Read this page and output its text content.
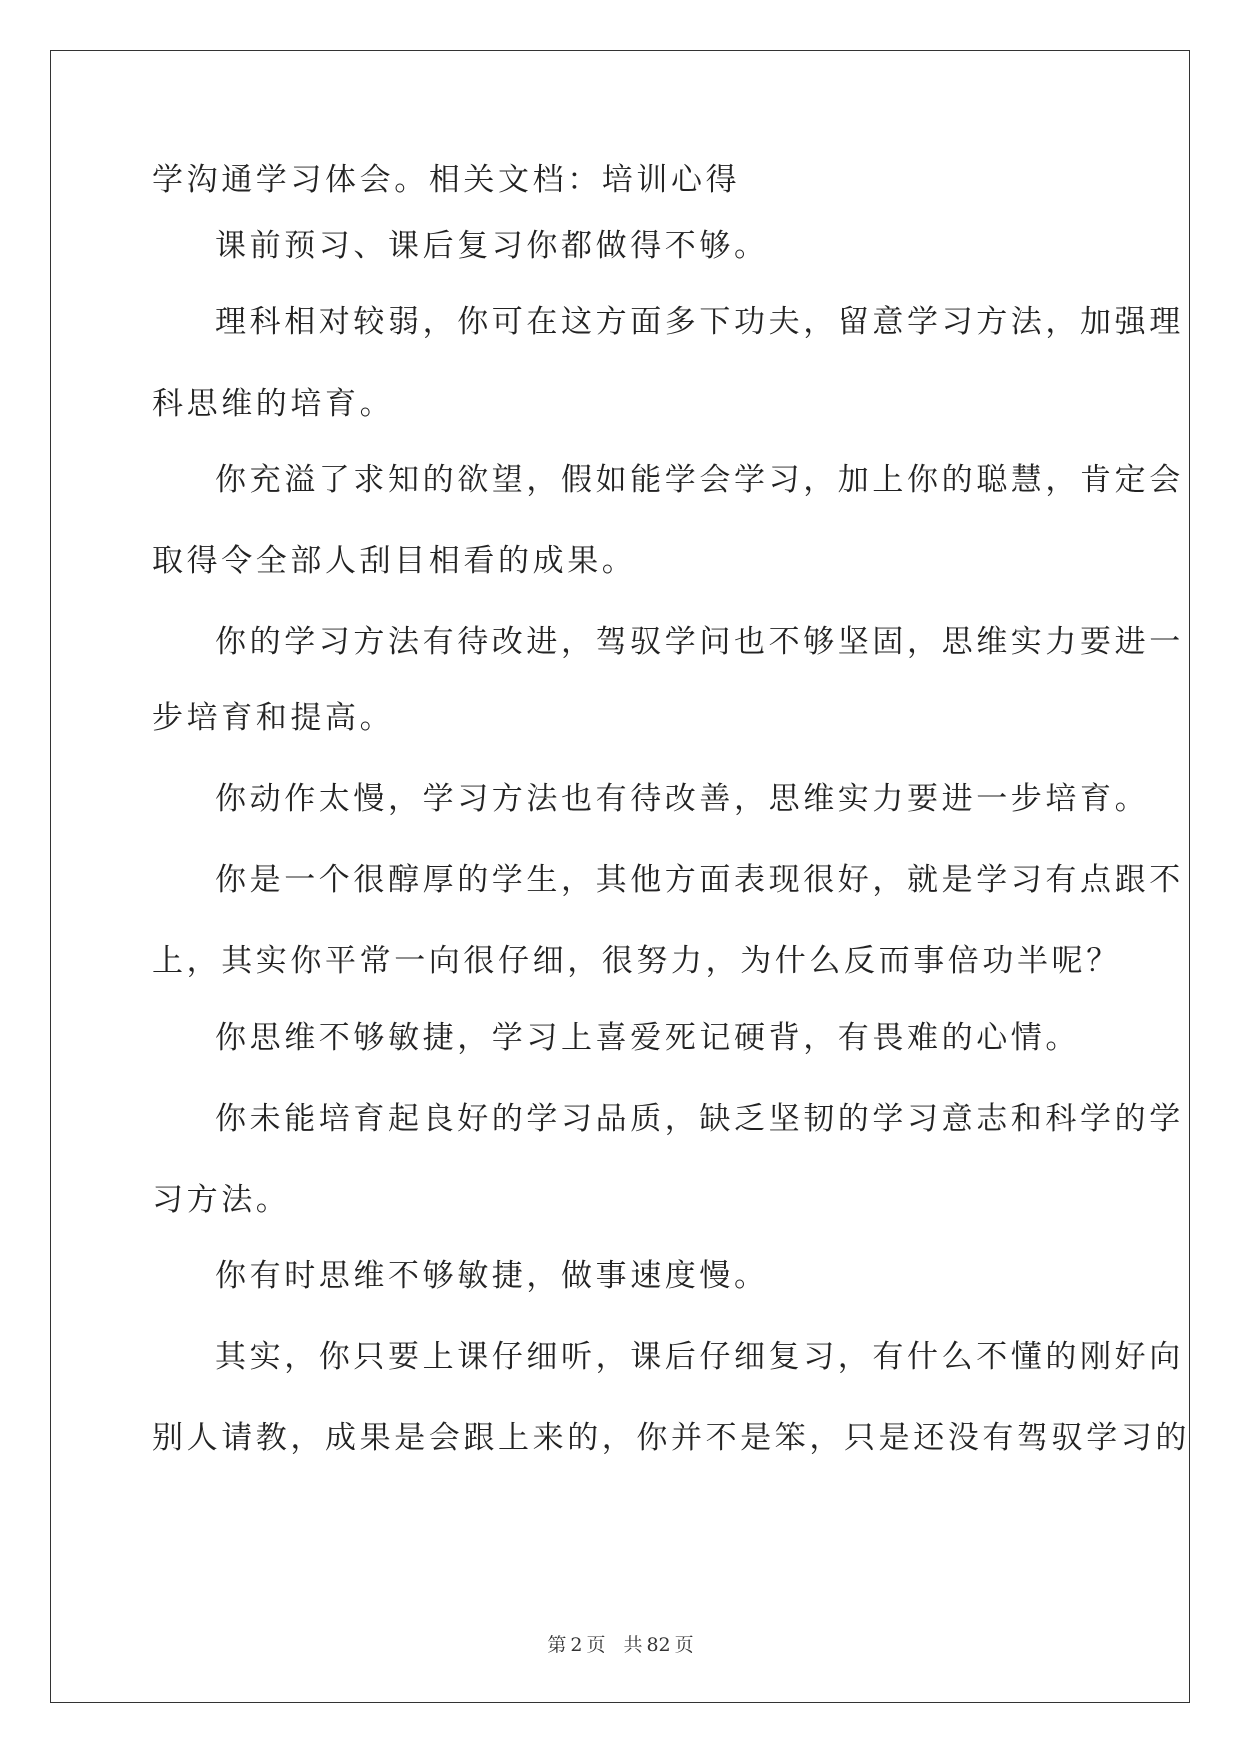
学沟通学习体会。相关文档：培训心得
课前预习、课后复习你都做得不够。
理科相对较弱，你可在这方面多下功夫，留意学习方法，加强理
科思维的培育。
你充溢了求知的欲望，假如能学会学习，加上你的聪慧，肯定会
取得令全部人刮目相看的成果。
你的学习方法有待改进，驾驭学问也不够坚固，思维实力要进一
步培育和提高。
你动作太慢，学习方法也有待改善，思维实力要进一步培育。
你是一个很醇厚的学生，其他方面表现很好，就是学习有点跟不
上，其实你平常一向很仔细，很努力，为什么反而事倍功半呢？
你思维不够敏捷，学习上喜爱死记硬背，有畏难的心情。
你未能培育起良好的学习品质，缺乏坚韧的学习意志和科学的学
习方法。
你有时思维不够敏捷，做事速度慢。
其实，你只要上课仔细听，课后仔细复习，有什么不懂的刚好向
别人请教，成果是会跟上来的，你并不是笨，只是还没有驾驭学习的
第 2 页 共 82 页
